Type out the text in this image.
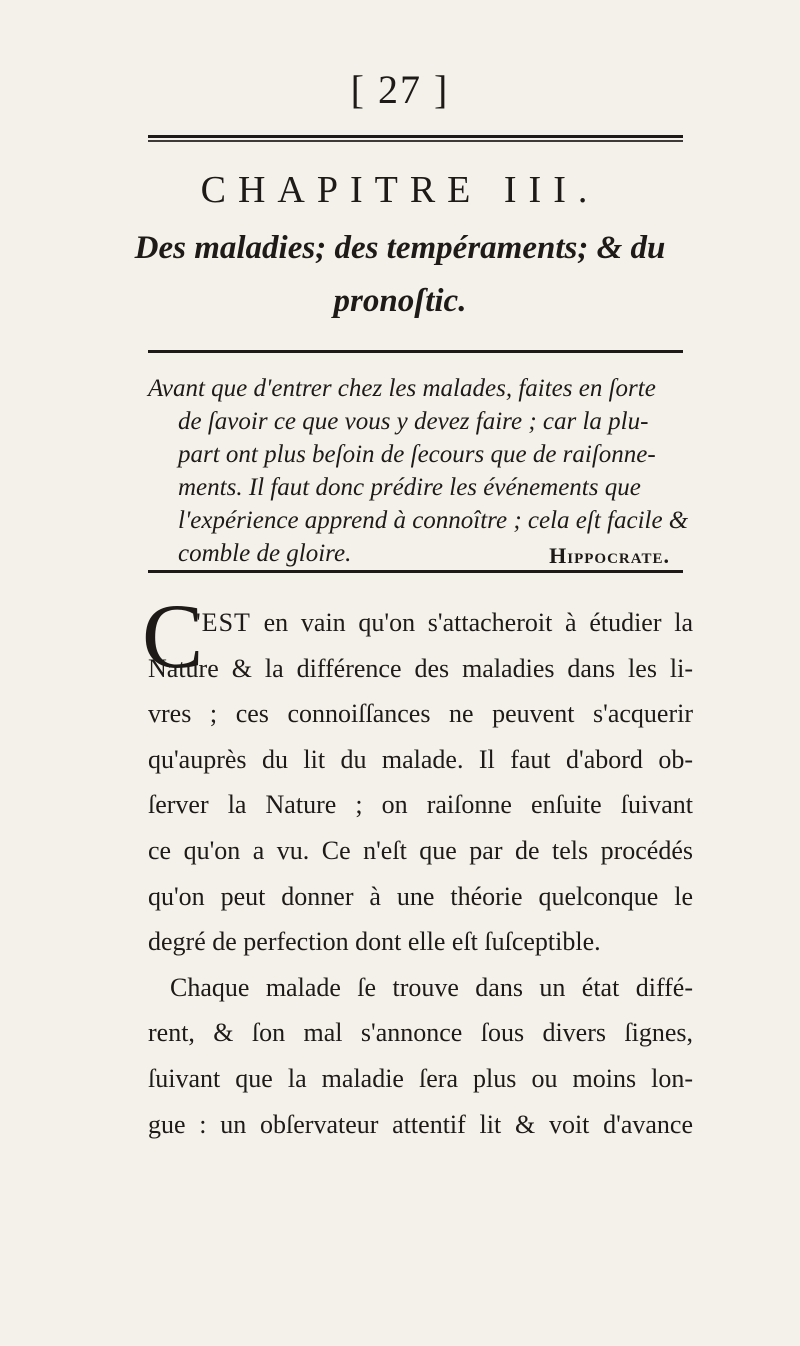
[ 27 ]
CHAPITRE III.
Des maladies; des tempéraments; & du
pronoſtic.
Avant que d'entrer chez les malades, faites en ſorte
de ſavoir ce que vous y devez faire ; car la plu-
part ont plus beſoin de ſecours que de raiſonne-
ments. Il faut donc prédire les événements que
l'expérience apprend à connoître ; cela eſt facile &
comble de gloire.	Hippocrate.
C
'EST en vain qu'on s'attacheroit à étudier la
Nature & la différence des maladies dans les li-
vres ; ces connoiſſances ne peuvent s'acquerir
qu'auprès du lit du malade. Il faut d'abord ob-
ſerver la Nature ; on raiſonne enſuite ſuivant
ce qu'on a vu. Ce n'eſt que par de tels procédés
qu'on peut donner à une théorie quelconque le
degré de perfection dont elle eſt ſuſceptible.
Chaque malade ſe trouve dans un état diffé-
rent, & ſon mal s'annonce ſous divers ſignes,
ſuivant que la maladie ſera plus ou moins lon-
gue : un obſervateur attentif lit & voit d'avance
